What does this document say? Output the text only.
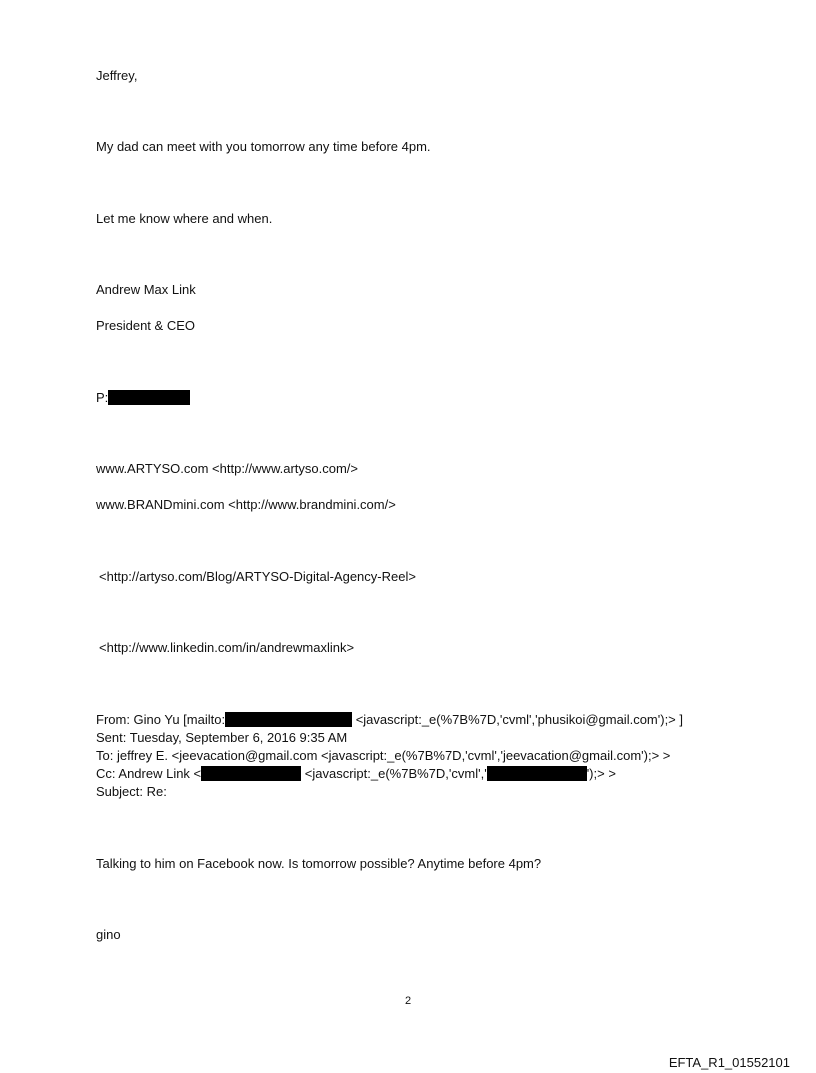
Jeffrey,
My dad can meet with you tomorrow any time before 4pm.
Let me know where and when.
Andrew Max Link
President & CEO
P:
www.ARTYSO.com <http://www.artyso.com/>
www.BRANDmini.com <http://www.brandmini.com/>
<http://artyso.com/Blog/ARTYSO-Digital-Agency-Reel>
<http://www.linkedin.com/in/andrewmaxlink>
From: Gino Yu [mailto:	<javascript:_e(%7B%7D,'cvml','phusikoi@gmail.com');> ]
Sent: Tuesday, September 6, 2016 9:35 AM
To: jeffrey E. <jeevacation@gmail.com <javascript:_e(%7B%7D,'cvml','jeevacation@gmail.com');> >
Cc: Andrew Link <	<javascript:_e(%7B%7D,'cvml','	');> >
Subject: Re:
Talking to him on Facebook now. Is tomorrow possible? Anytime before 4pm?
gino
2
EFTA_R1_01552101
